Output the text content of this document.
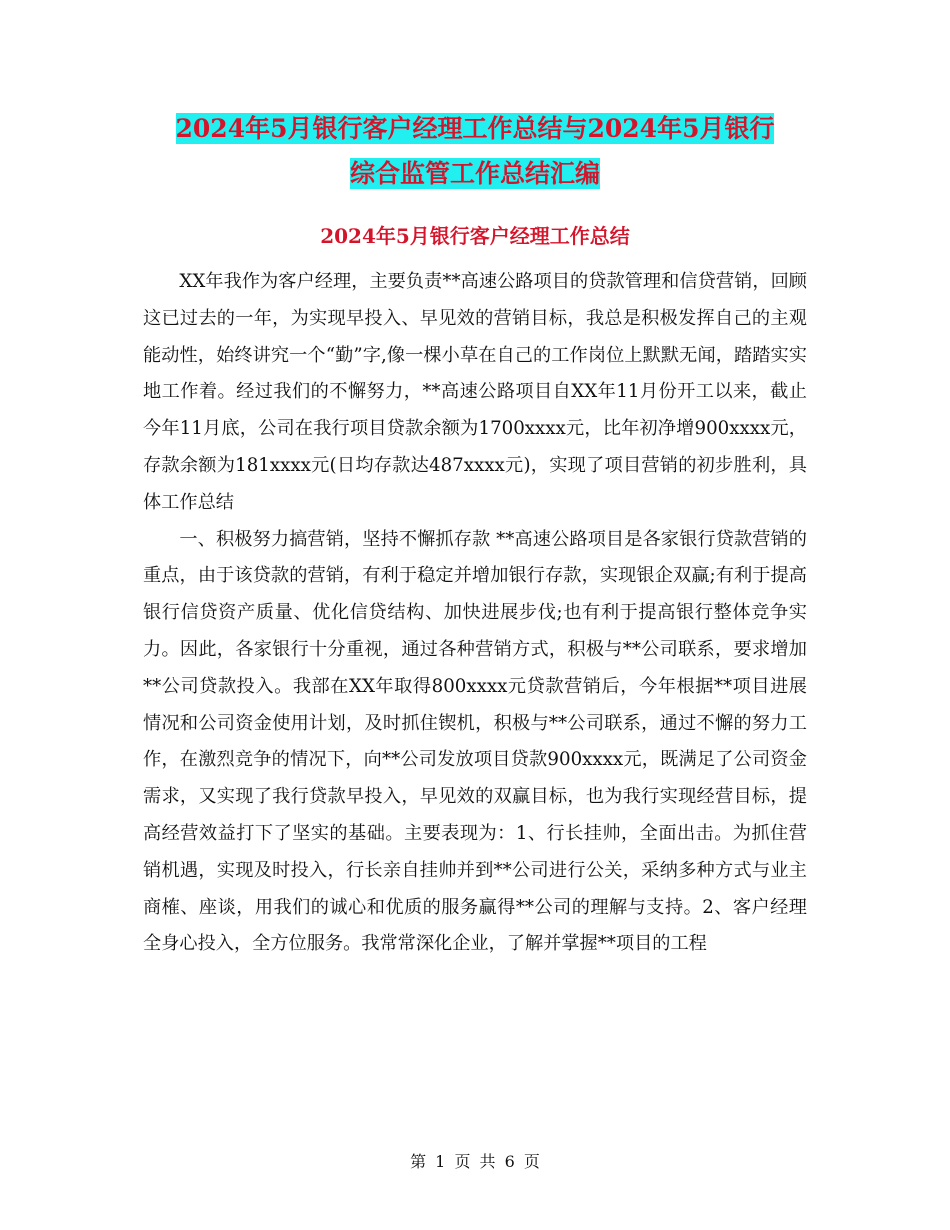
2024年5月银行客户经理工作总结与2024年5月银行
综合监管工作总结汇编
2024年5月银行客户经理工作总结

XX年我作为客户经理，主要负责**高速公路项目的贷款管理和信贷营销，回顾这已过去的一年，为实现早投入、早见效的营销目标，我总是积极发挥自己的主观能动性，始终讲究一个“勤”字,像一棵小草在自己的工作岗位上默默无闻，踏踏实实地工作着。经过我们的不懈努力，**高速公路项目自XX年11月份开工以来，截止今年11月底，公司在我行项目贷款余额为1700xxxx元，比年初净增900xxxx元，存款余额为181xxxx元(日均存款达487xxxx元)，实现了项目营销的初步胜利，具体工作总结

一、积极努力搞营销，坚持不懈抓存款 **高速公路项目是各家银行贷款营销的重点，由于该贷款的营销，有利于稳定并增加银行存款，实现银企双赢;有利于提高银行信贷资产质量、优化信贷结构、加快进展步伐;也有利于提高银行整体竞争实力。因此，各家银行十分重视，通过各种营销方式，积极与**公司联系，要求增加**公司贷款投入。我部在XX年取得800xxxx元贷款营销后，今年根据**项目进展情况和公司资金使用计划，及时抓住锲机，积极与**公司联系，通过不懈的努力工作，在激烈竞争的情况下，向**公司发放项目贷款900xxxx元，既满足了公司资金需求，又实现了我行贷款早投入，早见效的双赢目标，也为我行实现经营目标，提高经营效益打下了坚实的基础。主要表现为：1、行长挂帅，全面出击。为抓住营销机遇，实现及时投入，行长亲自挂帅并到**公司进行公关，采纳多种方式与业主商榷、座谈，用我们的诚心和优质的服务赢得**公司的理解与支持。2、客户经理全身心投入，全方位服务。我常常深化企业，了解并掌握**项目的工程

第 1 页 共 6 页
